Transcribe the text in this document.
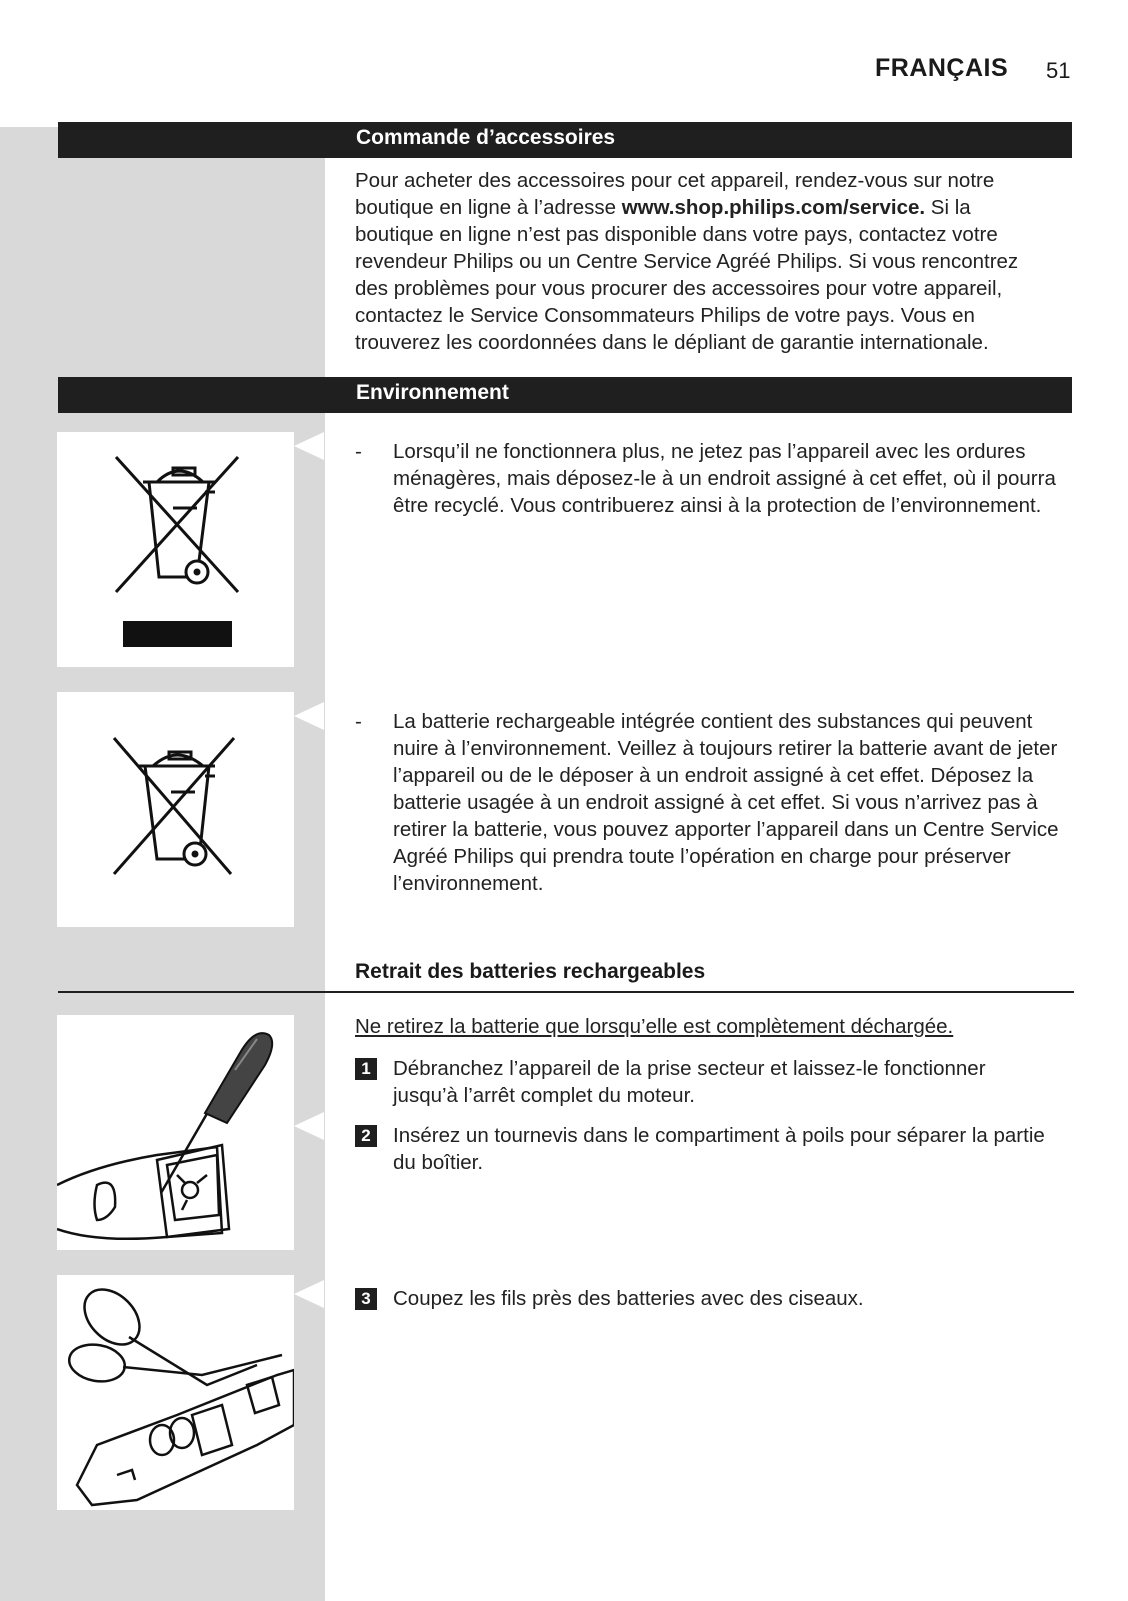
FRANÇAIS 51
Commande d’accessoires
Pour acheter des accessoires pour cet appareil, rendez-vous sur notre boutique en ligne à l’adresse www.shop.philips.com/service. Si la boutique en ligne n’est pas disponible dans votre pays, contactez votre revendeur Philips ou un Centre Service Agréé Philips. Si vous rencontrez des problèmes pour vous procurer des accessoires pour votre appareil, contactez le Service Consommateurs Philips de votre pays. Vous en trouverez les coordonnées dans le dépliant de garantie internationale.
Environnement
-	Lorsqu’il ne fonctionnera plus, ne jetez pas l’appareil avec les ordures ménagères, mais déposez-le à un endroit assigné à cet effet, où il pourra être recyclé. Vous contribuerez ainsi à la protection de l’environnement.
-	La batterie rechargeable intégrée contient des substances qui peuvent nuire à l’environnement. Veillez à toujours retirer la batterie avant de jeter l’appareil ou de le déposer à un endroit assigné à cet effet. Déposez la batterie usagée à un endroit assigné à cet effet. Si vous n’arrivez pas à retirer la batterie, vous pouvez apporter l’appareil dans un Centre Service Agréé Philips qui prendra toute l’opération en charge pour préserver l’environnement.
Retrait des batteries rechargeables
Ne retirez la batterie que lorsqu’elle est complètement déchargée.
1	Débranchez l’appareil de la prise secteur et laissez-le fonctionner jusqu’à l’arrêt complet du moteur.
2	Insérez un tournevis dans le compartiment à poils pour séparer la partie du boîtier.
3	Coupez les fils près des batteries avec des ciseaux.
